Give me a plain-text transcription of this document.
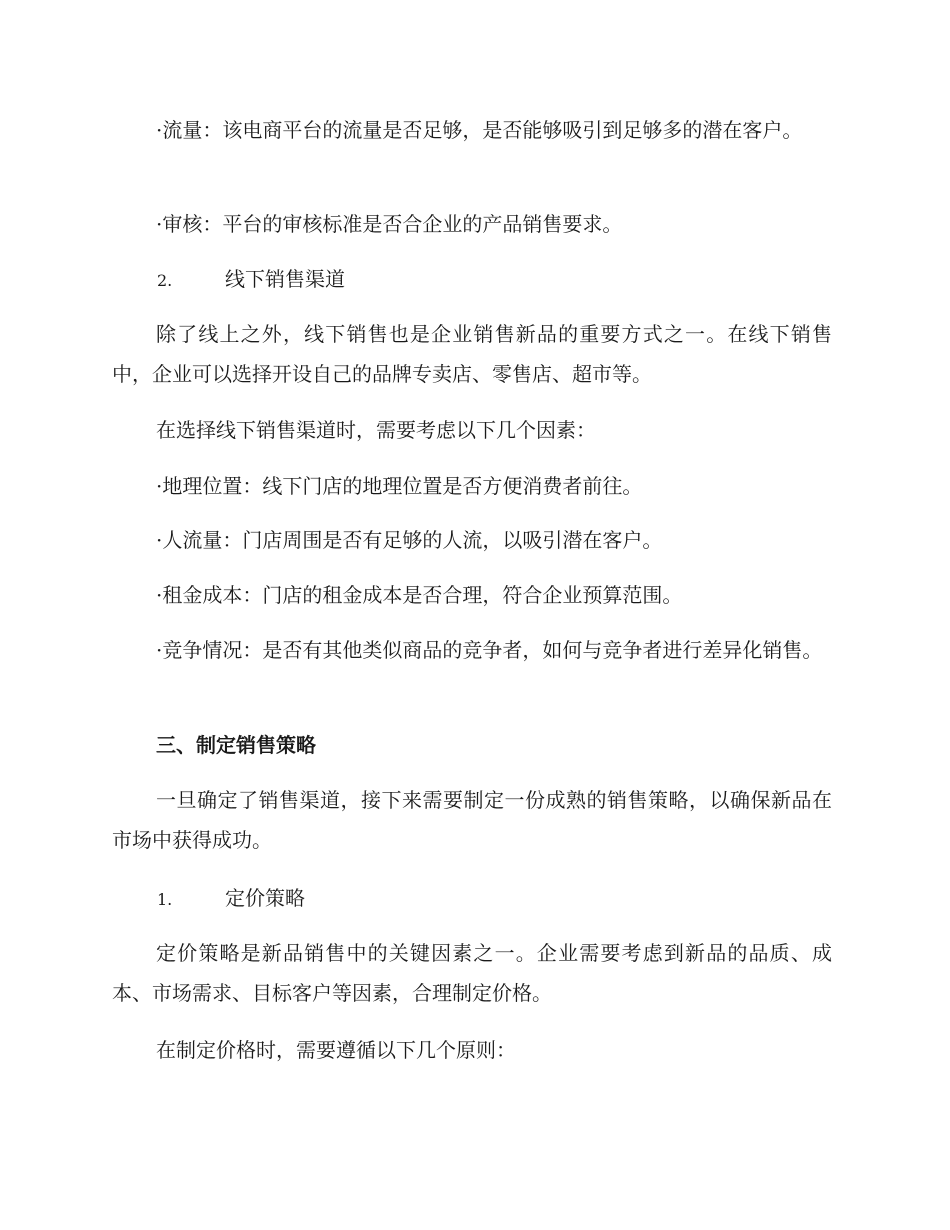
·流量：该电商平台的流量是否足够，是否能够吸引到足够多的潜在客户。

·审核：平台的审核标准是否合企业的产品销售要求。

2.	线下销售渠道

除了线上之外，线下销售也是企业销售新品的重要方式之一。在线下销售中，企业可以选择开设自己的品牌专卖店、零售店、超市等。

在选择线下销售渠道时，需要考虑以下几个因素：

·地理位置：线下门店的地理位置是否方便消费者前往。

·人流量：门店周围是否有足够的人流，以吸引潜在客户。

·租金成本：门店的租金成本是否合理，符合企业预算范围。

·竞争情况：是否有其他类似商品的竞争者，如何与竞争者进行差异化销售。

三、制定销售策略

一旦确定了销售渠道，接下来需要制定一份成熟的销售策略，以确保新品在市场中获得成功。

1.	定价策略

定价策略是新品销售中的关键因素之一。企业需要考虑到新品的品质、成本、市场需求、目标客户等因素，合理制定价格。

在制定价格时，需要遵循以下几个原则：
